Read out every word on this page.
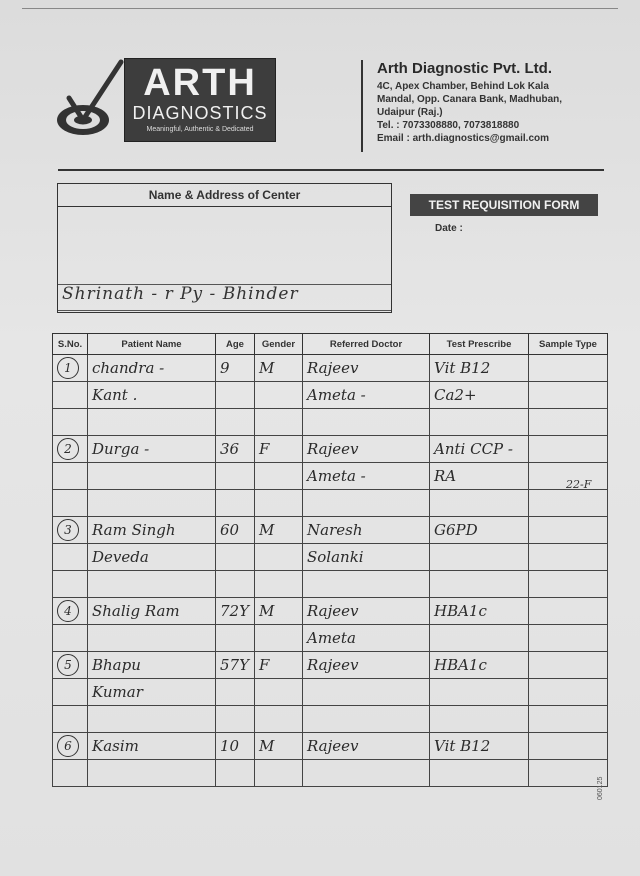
ARTH
DIAGNOSTICS
Meaningful, Authentic & Dedicated
Arth Diagnostic Pvt. Ltd.
4C, Apex Chamber, Behind Lok Kala
Mandal, Opp. Canara Bank, Madhuban,
Udaipur (Raj.)
Tel. : 7073308880, 7073818880
Email : arth.diagnostics@gmail.com
Name & Address of Center
Shrinath - r Py - Bhinder
TEST REQUISITION FORM
Date :
S.No.	Patient Name	Age	Gender	Referred Doctor	Test Prescribe	Sample Type
1	chandra -	9	M	Rajeev	Vit B12	
	Kant .			Ameta -	Ca2+	

2	Durga -	36	F	Rajeev	Anti CCP -	
				Ameta -	RA	

3	Ram Singh	60	M	Naresh	G6PD	
	Deveda			Solanki		

4	Shalig Ram	72Y	M	Rajeev	HBA1c	
				Ameta		
5	Bhapu	57Y	F	Rajeev	HBA1c	
	Kumar					

6	Kasim	10	M	Rajeev	Vit B12	

22-F
060125
